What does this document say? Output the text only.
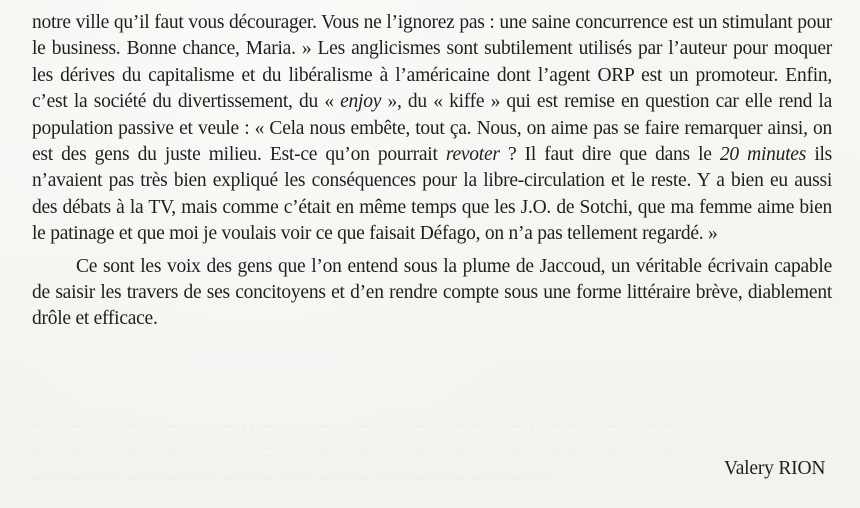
·· ·· ·· ·· ·· ·· ·· ·· ·· ·· ·· ·· ·· ·· ·· ·· ·· ·· ·· ·· ·· ·· ·· ·· ·· ·· ·· ·· ·· ·· ·· ·· ·· ·· ·· ·· ·· ·· ·· ·· ·· ·· ·· ·· ·· ·· ·· ·· ··
·· ·· ·· ·· ·· ·· ·· ·· ·· ·· ·· ·· ·· ·· ·· ·· ·· ·· ·· ·· ·· ·· ·· ·· ·· ·· ·· ·· ·· ·· ·· ·· ·· ·· ·· ·· ·· ·· ·· ·· ·· ·· ·· ·· ·· ·· ·· ·· ··
·· ·· ·· ·· ·· ·· ·· ·· ·· ·· ·· ·· ·· ·· ·· ·· ·· ·· ·· ·· ·· ·· ·· ·· ·· ·· ·· ·· ·· ·· ·· ·· ·· ·· ·· ·· ·· ··

notre ville qu’il faut vous décourager. Vous ne l’ignorez pas : une saine concurrence est un stimulant pour le business. Bonne chance, Maria. » Les anglicismes sont subtilement utilisés par l’auteur pour moquer les dérives du capitalisme et du libéralisme à l’américaine dont l’agent ORP est un promoteur. Enfin, c’est la société du divertissement, du « enjoy », du « kiffe » qui est remise en question car elle rend la population passive et veule : « Cela nous embête, tout ça. Nous, on aime pas se faire remarquer ainsi, on est des gens du juste milieu. Est-ce qu’on pourrait revoter ? Il faut dire que dans le 20 minutes ils n’avaient pas très bien expliqué les conséquences pour la libre-circulation et le reste. Y a bien eu aussi des débats à la TV, mais comme c’était en même temps que les J.O. de Sotchi, que ma femme aime bien le patinage et que moi je voulais voir ce que faisait Défago, on n’a pas tellement regardé. »

Ce sont les voix des gens que l’on entend sous la plume de Jaccoud, un véritable écrivain capable de saisir les travers de ses concitoyens et d’en rendre compte sous une forme littéraire brève, diablement drôle et efficace.

Valery RION
